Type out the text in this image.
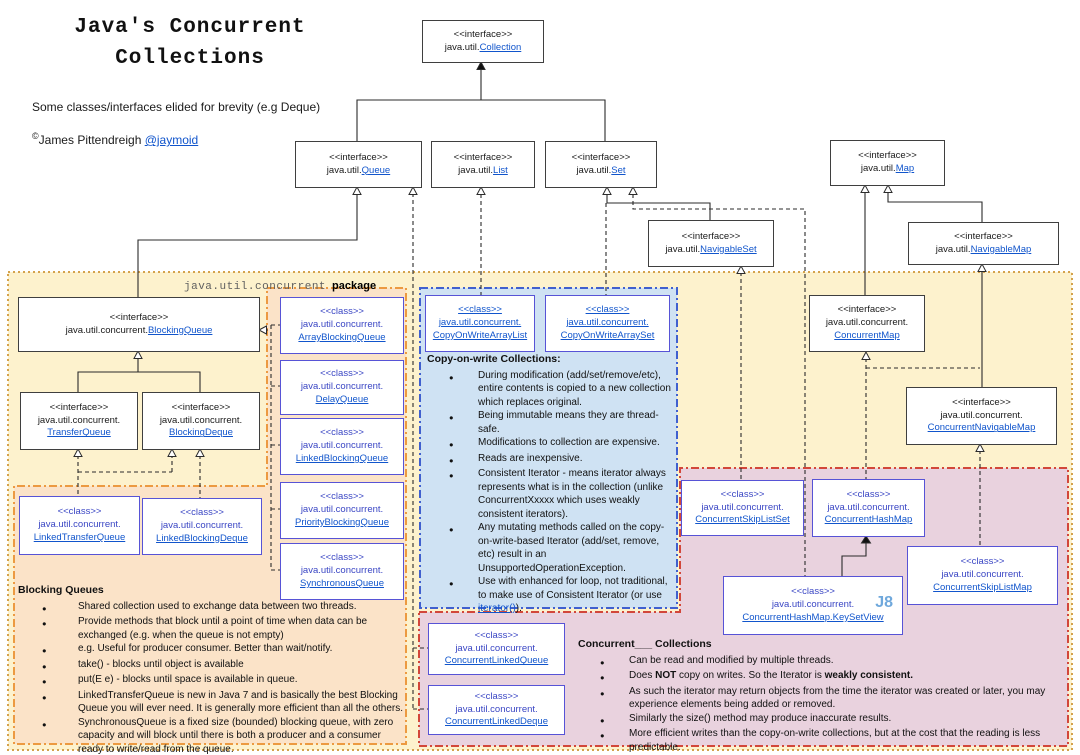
Java's Concurrent
Collections
Some classes/interfaces elided for brevity (e.g Deque)
©James Pittendreigh @jaymoid
java.util.concurrent package
<<interface>>
java.util.Collection
<<interface>>
java.util.Queue
<<interface>>
java.util.List
<<interface>>
java.util.Set
<<interface>>
java.util.Map
<<interface>>
java.util.NavigableSet
<<interface>>
java.util.NavigableMap
<<interface>>
java.util.concurrent.BlockingQueue
<<interface>>
java.util.concurrent.
TransferQueue
<<interface>>
java.util.concurrent.
BlockingDeque
<<interface>>
java.util.concurrent.
ConcurrentMap
<<interface>>
java.util.concurrent.
ConcurrentNavigableMap
<<class>>
java.util.concurrent.
LinkedTransferQueue
<<class>>
java.util.concurrent.
LinkedBlockingDeque
<<class>>
java.util.concurrent.
ArrayBlockingQueue
<<class>>
java.util.concurrent.
DelayQueue
<<class>>
java.util.concurrent.
LinkedBlockingQueue
<<class>>
java.util.concurrent.
PriorityBlockingQueue
<<class>>
java.util.concurrent.
SynchronousQueue
<<class>>
java.util.concurrent.
CopyOnWriteArrayList
<<class>>
java.util.concurrent.
CopyOnWriteArraySet
<<class>>
java.util.concurrent.
ConcurrentSkipListSet
<<class>>
java.util.concurrent.
ConcurrentHashMap
<<class>>
java.util.concurrent.
ConcurrentSkipListMap
J8
<<class>>
java.util.concurrent.
ConcurrentHashMap.KeySetView
<<class>>
java.util.concurrent.
ConcurrentLinkedQueue
<<class>>
java.util.concurrent.
ConcurrentLinkedDeque
Blocking Queues
●	Shared collection used to exchange data between two threads.
●	Provide methods that block until a point of time when data can be exchanged (e.g. when the queue is not empty)
●	e.g. Useful for producer consumer. Better than wait/notify.
●	take() - blocks until object is available
●	put(E e) - blocks until space is available in queue.
●	LinkedTransferQueue is new in Java 7 and is basically the best Blocking Queue you will ever need. It is generally more efficient than all the others.
●	SynchronousQueue is a fixed size (bounded) blocking queue, with zero capacity and will block until there is both a producer and a consumer ready to write/read from the queue.
Copy-on-write Collections:
●	During modification (add/set/remove/etc), entire contents is copied to a new collection which replaces original.
●	Being immutable means they are thread-safe.
●	Modifications to collection are expensive.
●	Reads are inexpensive.
●	Consistent Iterator - means iterator always represents what is in the collection (unlike ConcurrentXxxxx which uses weakly consistent iterators).
●	Any mutating methods called on the copy-on-write-based Iterator (add/set, remove, etc) result in an UnsupportedOperationException.
●	Use with enhanced for loop, not traditional, to make use of Consistent Iterator (or use iterator()).
Concurrent___ Collections
●	Can be read and modified by multiple threads.
●	Does NOT copy on writes. So the Iterator is weakly consistent.
●	As such the iterator may return objects from the time the iterator was created or later, you may experience elements being added or removed.
●	Similarly the size() method may produce inaccurate results.
●	More efficient writes than the copy-on-write collections, but at the cost that the reading is less predictable.
